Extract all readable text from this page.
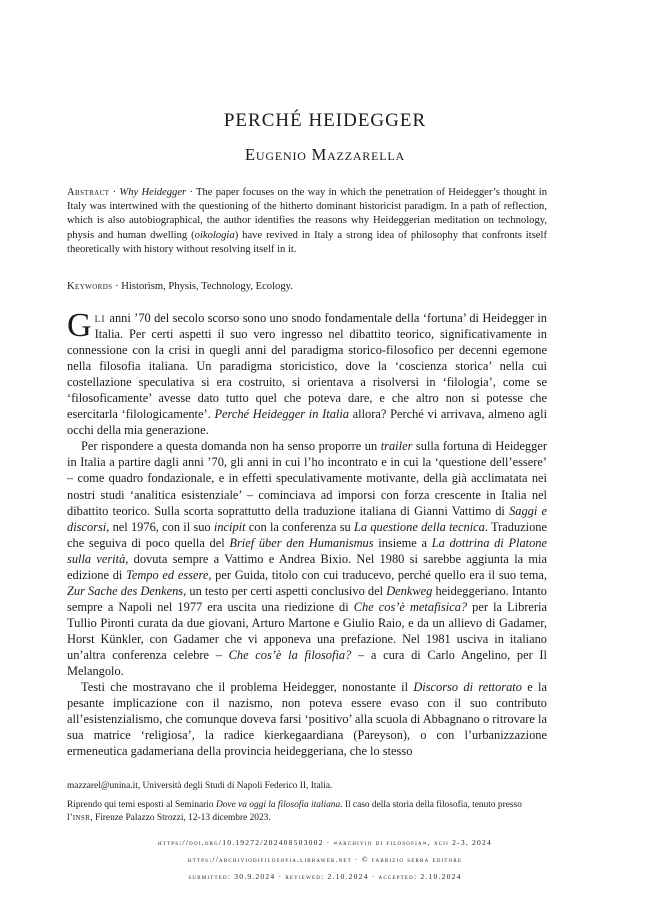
PERCHÉ HEIDEGGER
Eugenio Mazzarella
Abstract · Why Heidegger · The paper focuses on the way in which the penetration of Heidegger’s thought in Italy was intertwined with the questioning of the hitherto dominant historicist paradigm. In a path of reflection, which is also autobiographical, the author identifies the reasons why Heideggerian meditation on technology, physis and human dwelling (oikologia) have revived in Italy a strong idea of philosophy that confronts itself theoretically with history without resolving itself in it.
Keywords · Historism, Physis, Technology, Ecology.

Gli anni ’70 del secolo scorso sono uno snodo fondamentale della ‘fortuna’ di Heidegger in Italia. Per certi aspetti il suo vero ingresso nel dibattito teorico, significativamente in connessione con la crisi in quegli anni del paradigma storico-filosofico per decenni egemone nella filosofia italiana. Un paradigma storicistico, dove la ‘coscienza storica’ nella cui costellazione speculativa si era costruito, si orientava a risolversi in ‘filologia’, come se ‘filosoficamente’ avesse dato tutto quel che poteva dare, e che altro non si potesse che esercitarla ‘filologicamente’. Perché Heidegger in Italia allora? Perché vi arrivava, almeno agli occhi della mia generazione.

Per rispondere a questa domanda non ha senso proporre un trailer sulla fortuna di Heidegger in Italia a partire dagli anni ’70, gli anni in cui l’ho incontrato e in cui la ‘questione dell’essere’ – come quadro fondazionale, e in effetti speculativamente motivante, della già acclimatata nei nostri studi ‘analitica esistenziale’ – cominciava ad imporsi con forza crescente in Italia nel dibattito teorico. Sulla scorta soprattutto della traduzione italiana di Gianni Vattimo di Saggi e discorsi, nel 1976, con il suo incipit con la conferenza su La questione della tecnica. Traduzione che seguiva di poco quella del Brief über den Humanismus insieme a La dottrina di Platone sulla verità, dovuta sempre a Vattimo e Andrea Bixio. Nel 1980 si sarebbe aggiunta la mia edizione di Tempo ed essere, per Guida, titolo con cui traducevo, perché quello era il suo tema, Zur Sache des Denkens, un testo per certi aspetti conclusivo del Denkweg heideggeriano. Intanto sempre a Napoli nel 1977 era uscita una riedizione di Che cos’è metafisica? per la Libreria Tullio Pironti curata da due giovani, Arturo Martone e Giulio Raio, e da un allievo di Gadamer, Horst Künkler, con Gadamer che vi apponeva una prefazione. Nel 1981 usciva in italiano un’altra conferenza celebre – Che cos’è la filosofia? – a cura di Carlo Angelino, per Il Melangolo.

Testi che mostravano che il problema Heidegger, nonostante il Discorso di rettorato e la pesante implicazione con il nazismo, non poteva essere evaso con il suo contributo all’esistenzialismo, che comunque doveva farsi ‘positivo’ alla scuola di Abbagnano o ritrovare la sua matrice ‘religiosa’, la radice kierkegaardiana (Pareyson), o con l’urbanizzazione ermeneutica gadameriana della provincia heideggeriana, che lo stesso

mazzarel@unina.it, Università degli Studi di Napoli Federico II, Italia.
Riprendo qui temi esposti al Seminario Dove va oggi la filosofia italiana. Il caso della storia della filosofia, tenuto presso l’insr, Firenze Palazzo Strozzi, 12-13 dicembre 2023.
https://doi.org/10.19272/202408503002 · «archivio di filosofia», xcii 2-3, 2024
https://archiviodifilosofia.libraweb.net · © fabrizio serra editore
submitted: 30.9.2024 · reviewed: 2.10.2024 · accepted: 2.10.2024
